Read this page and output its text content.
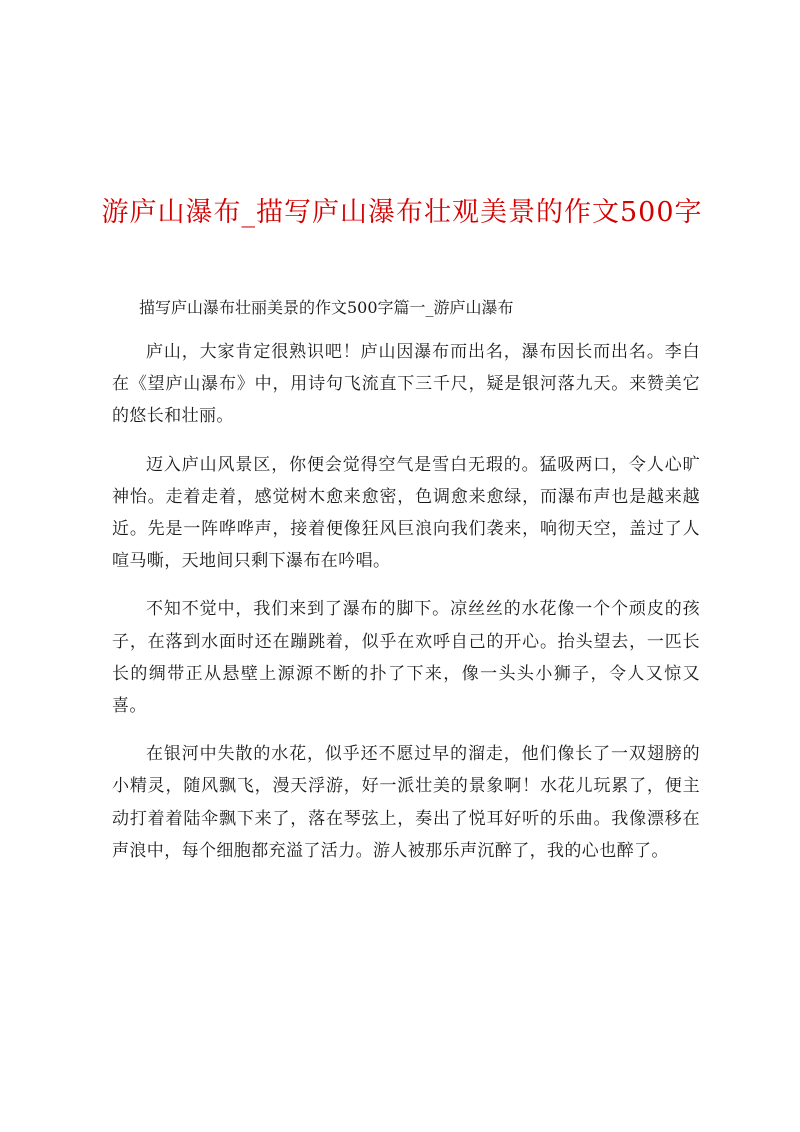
游庐山瀑布_描写庐山瀑布壮观美景的作文500字
描写庐山瀑布壮丽美景的作文500字篇一_游庐山瀑布

庐山，大家肯定很熟识吧！庐山因瀑布而出名，瀑布因长而出名。李白在《望庐山瀑布》中，用诗句飞流直下三千尺，疑是银河落九天。来赞美它的悠长和壮丽。

迈入庐山风景区，你便会觉得空气是雪白无瑕的。猛吸两口，令人心旷神怡。走着走着，感觉树木愈来愈密，色调愈来愈绿，而瀑布声也是越来越近。先是一阵哗哗声，接着便像狂风巨浪向我们袭来，响彻天空，盖过了人喧马嘶，天地间只剩下瀑布在吟唱。

不知不觉中，我们来到了瀑布的脚下。凉丝丝的水花像一个个顽皮的孩子，在落到水面时还在蹦跳着，似乎在欢呼自己的开心。抬头望去，一匹长长的绸带正从悬壁上源源不断的扑了下来，像一头头小狮子，令人又惊又喜。

在银河中失散的水花，似乎还不愿过早的溜走，他们像长了一双翅膀的小精灵，随风飘飞，漫天浮游，好一派壮美的景象啊！水花儿玩累了，便主动打着着陆伞飘下来了，落在琴弦上，奏出了悦耳好听的乐曲。我像漂移在声浪中，每个细胞都充溢了活力。游人被那乐声沉醉了，我的心也醉了。
